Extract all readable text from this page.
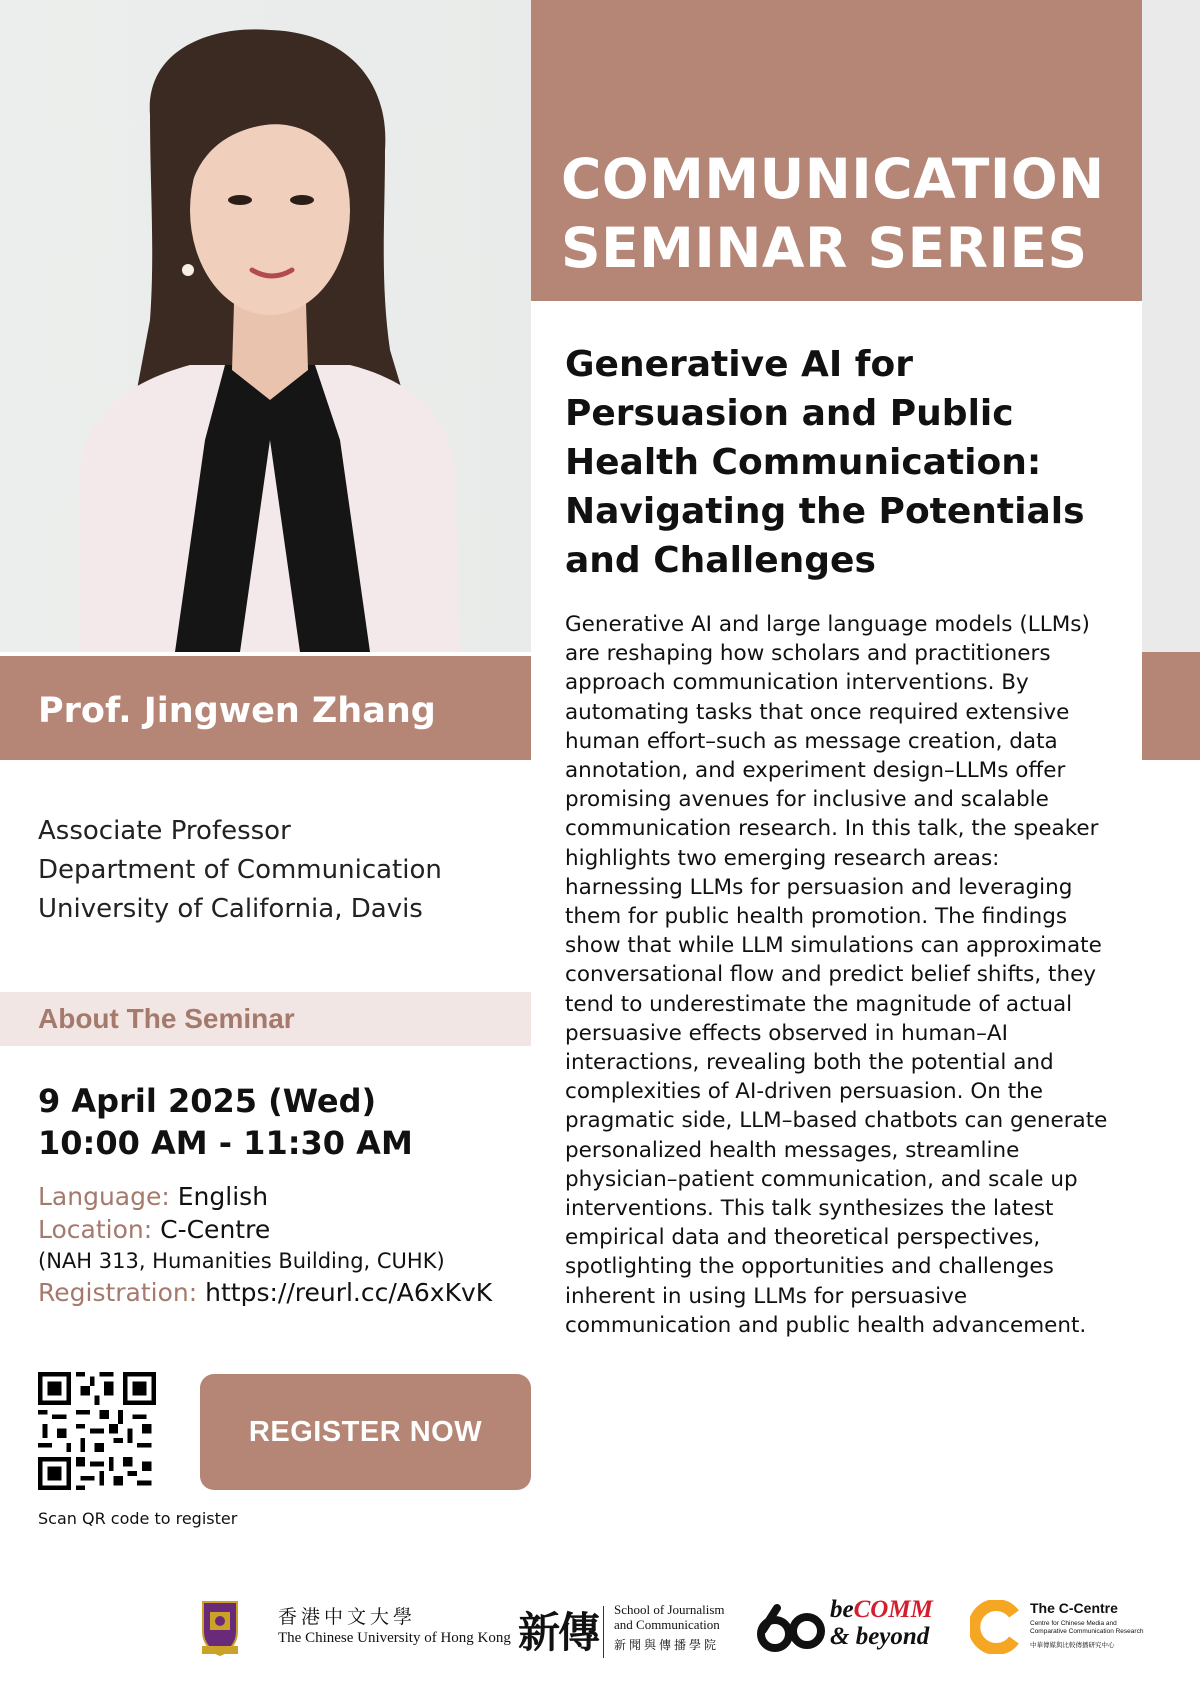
COMMUNICATION
SEMINAR SERIES
Generative AI for Persuasion and Public Health Communication: Navigating the Potentials and Challenges
Generative AI and large language models (LLMs) are reshaping how scholars and practitioners approach communication interventions. By automating tasks that once required extensive human effort–such as message creation, data annotation, and experiment design–LLMs offer promising avenues for inclusive and scalable communication research. In this talk, the speaker highlights two emerging research areas: harnessing LLMs for persuasion and leveraging them for public health promotion. The findings show that while LLM simulations can approximate conversational flow and predict belief shifts, they tend to underestimate the magnitude of actual persuasive effects observed in human–AI interactions, revealing both the potential and complexities of AI-driven persuasion. On the pragmatic side, LLM–based chatbots can generate personalized health messages, streamline physician–patient communication, and scale up interventions. This talk synthesizes the latest empirical data and theoretical perspectives, spotlighting the opportunities and challenges inherent in using LLMs for persuasive communication and public health advancement.
Prof. Jingwen Zhang
Associate Professor
Department of Communication
University of California, Davis
About The Seminar
9 April 2025 (Wed)
10:00 AM - 11:30 AM
Language: English
Location: C-Centre
(NAH 313, Humanities Building, CUHK)
Registration: https://reurl.cc/A6xKvK
Scan QR code to register
REGISTER NOW
香港中文大學
The Chinese University of Hong Kong 新傳 School of Journalism
and Communication
新聞與傳播學院
beCOMM
& beyond
The C-Centre
Centre for Chinese Media and Comparative Communication Research
中華傳媒與比較傳播研究中心
